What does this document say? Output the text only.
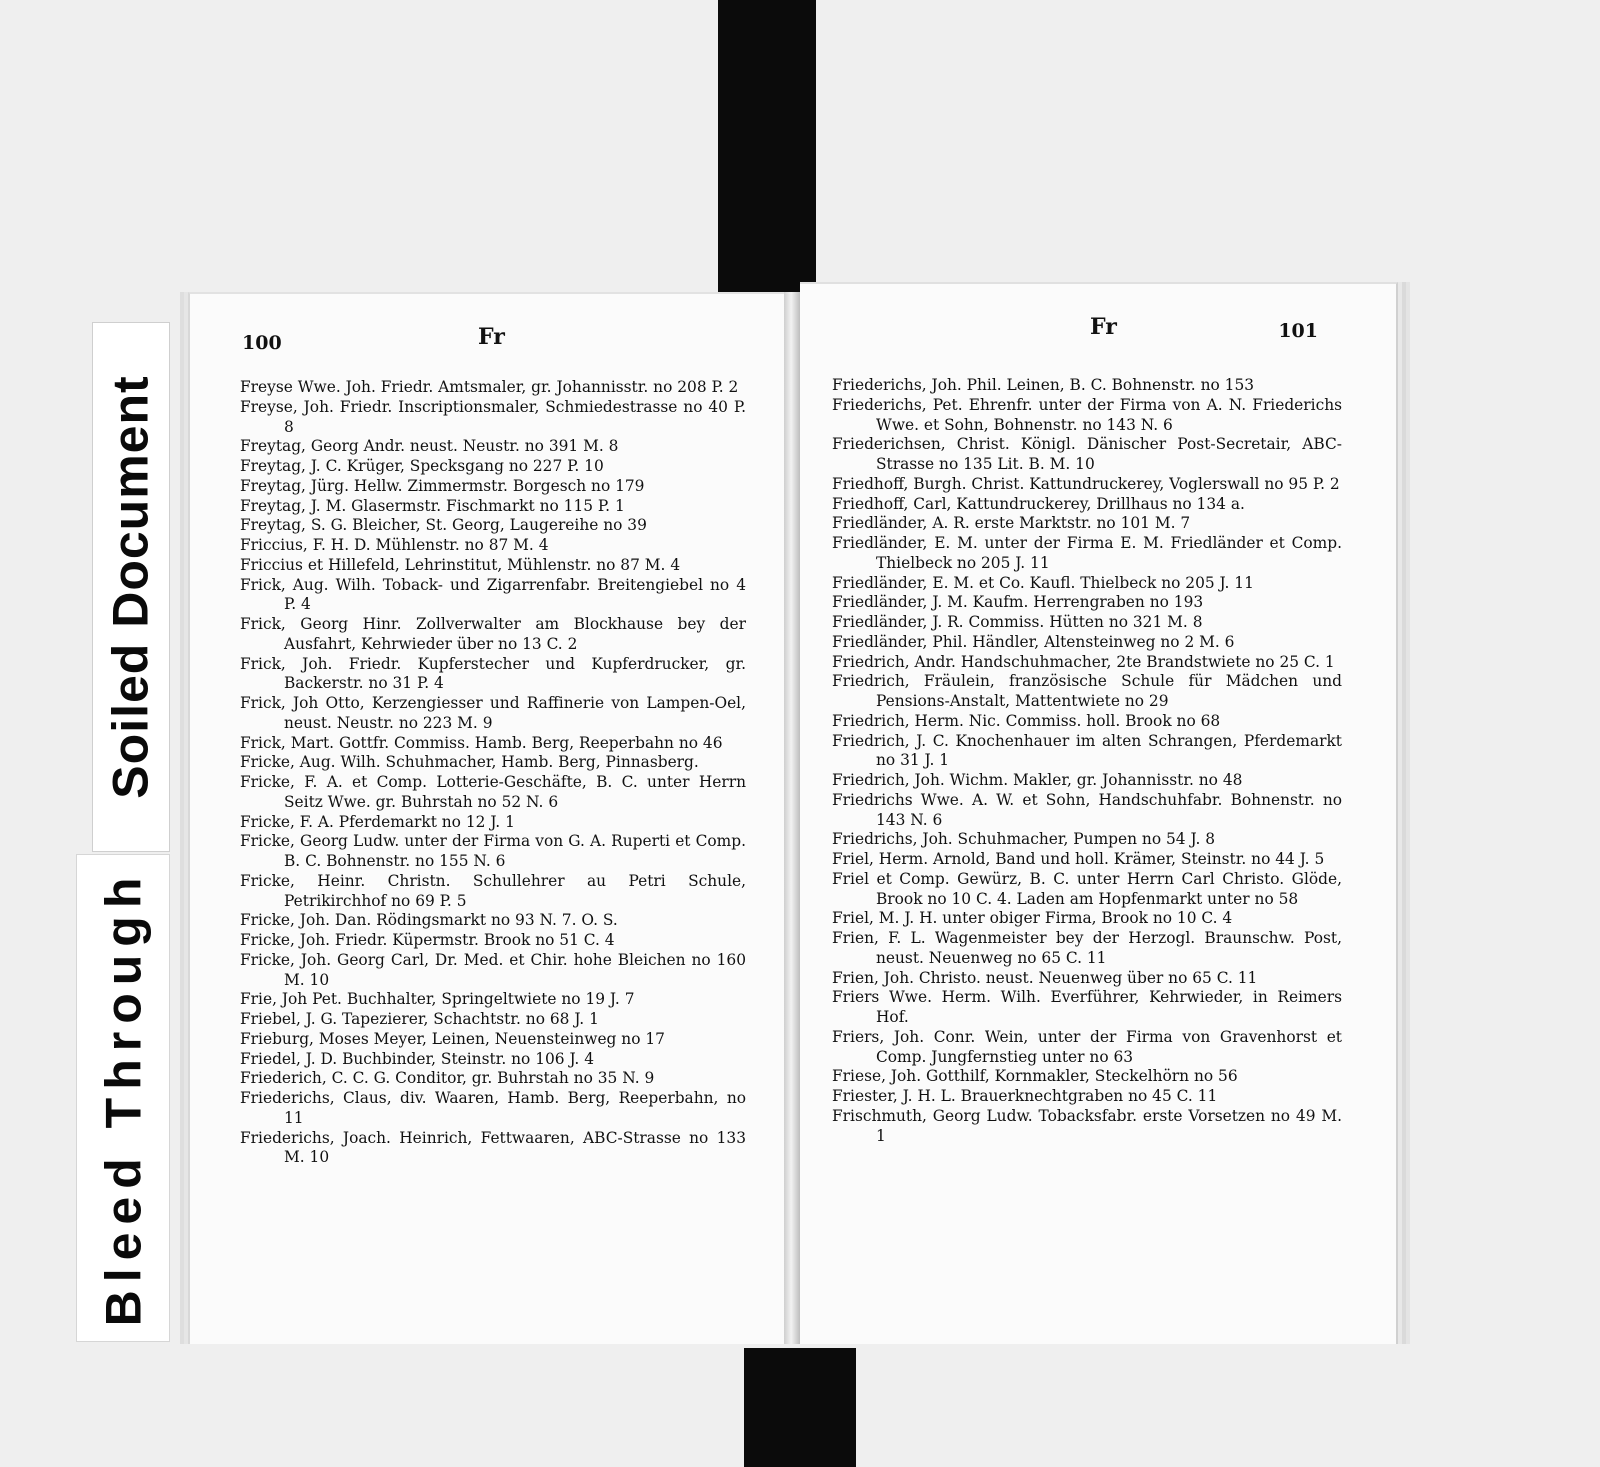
Soiled Document
Bleed Through
100	Fr
Freyse Wwe. Joh. Friedr. Amtsmaler, gr. Johannisstr. no 208 P. 2
Freyse, Joh. Friedr. Inscriptionsmaler, Schmiedestrasse no 40 P. 8
Freytag, Georg Andr. neust. Neustr. no 391 M. 8
Freytag, J. C. Krüger, Specksgang no 227 P. 10
Freytag, Jürg. Hellw. Zimmermstr. Borgesch no 179
Freytag, J. M. Glasermstr. Fischmarkt no 115 P. 1
Freytag, S. G. Bleicher, St. Georg, Laugereihe no 39
Friccius, F. H. D. Mühlenstr. no 87 M. 4
Friccius et Hillefeld, Lehrinstitut, Mühlenstr. no 87 M. 4
Frick, Aug. Wilh. Toback- und Zigarrenfabr. Breitengiebel no 4 P. 4
Frick, Georg Hinr. Zollverwalter am Blockhause bey der Ausfahrt, Kehrwieder über no 13 C. 2
Frick, Joh. Friedr. Kupferstecher und Kupferdrucker, gr. Backerstr. no 31 P. 4
Frick, Joh Otto, Kerzengiesser und Raffinerie von Lampen-Oel, neust. Neustr. no 223 M. 9
Frick, Mart. Gottfr. Commiss. Hamb. Berg, Reeperbahn no 46
Fricke, Aug. Wilh. Schuhmacher, Hamb. Berg, Pinnasberg.
Fricke, F. A. et Comp. Lotterie-Geschäfte, B. C. unter Herrn Seitz Wwe. gr. Buhrstah no 52 N. 6
Fricke, F. A. Pferdemarkt no 12 J. 1
Fricke, Georg Ludw. unter der Firma von G. A. Ruperti et Comp. B. C. Bohnenstr. no 155 N. 6
Fricke, Heinr. Christn. Schullehrer au Petri Schule, Petrikirchhof no 69 P. 5
Fricke, Joh. Dan. Rödingsmarkt no 93 N. 7. O. S.
Fricke, Joh. Friedr. Küpermstr. Brook no 51 C. 4
Fricke, Joh. Georg Carl, Dr. Med. et Chir. hohe Bleichen no 160 M. 10
Frie, Joh Pet. Buchhalter, Springeltwiete no 19 J. 7
Friebel, J. G. Tapezierer, Schachtstr. no 68 J. 1
Frieburg, Moses Meyer, Leinen, Neuensteinweg no 17
Friedel, J. D. Buchbinder, Steinstr. no 106 J. 4
Friederich, C. C. G. Conditor, gr. Buhrstah no 35 N. 9
Friederichs, Claus, div. Waaren, Hamb. Berg, Reeperbahn, no 11
Friederichs, Joach. Heinrich, Fettwaaren, ABC-Strasse no 133 M. 10
101
Fr
Friederichs, Joh. Phil. Leinen, B. C. Bohnenstr. no 153
Friederichs, Pet. Ehrenfr. unter der Firma von A. N. Friederichs Wwe. et Sohn, Bohnenstr. no 143 N. 6
Friederichsen, Christ. Königl. Dänischer Post-Secretair, ABC-Strasse no 135 Lit. B. M. 10
Friedhoff, Burgh. Christ. Kattundruckerey, Voglerswall no 95 P. 2
Friedhoff, Carl, Kattundruckerey, Drillhaus no 134 a.
Friedländer, A. R. erste Marktstr. no 101 M. 7
Friedländer, E. M. unter der Firma E. M. Friedländer et Comp. Thielbeck no 205 J. 11
Friedländer, E. M. et Co. Kaufl. Thielbeck no 205 J. 11
Friedländer, J. M. Kaufm. Herrengraben no 193
Friedländer, J. R. Commiss. Hütten no 321 M. 8
Friedländer, Phil. Händler, Altensteinweg no 2 M. 6
Friedrich, Andr. Handschuhmacher, 2te Brandstwiete no 25 C. 1
Friedrich, Fräulein, französische Schule für Mädchen und Pensions-Anstalt, Mattentwiete no 29
Friedrich, Herm. Nic. Commiss. holl. Brook no 68
Friedrich, J. C. Knochenhauer im alten Schrangen, Pferdemarkt no 31 J. 1
Friedrich, Joh. Wichm. Makler, gr. Johannisstr. no 48
Friedrichs Wwe. A. W. et Sohn, Handschuhfabr. Bohnenstr. no 143 N. 6
Friedrichs, Joh. Schuhmacher, Pumpen no 54 J. 8
Friel, Herm. Arnold, Band und holl. Krämer, Steinstr. no 44 J. 5
Friel et Comp. Gewürz, B. C. unter Herrn Carl Christo. Glöde, Brook no 10 C. 4. Laden am Hopfenmarkt unter no 58
Friel, M. J. H. unter obiger Firma, Brook no 10 C. 4
Frien, F. L. Wagenmeister bey der Herzogl. Braunschw. Post, neust. Neuenweg no 65 C. 11
Frien, Joh. Christo. neust. Neuenweg über no 65 C. 11
Friers Wwe. Herm. Wilh. Everführer, Kehrwieder, in Reimers Hof.
Friers, Joh. Conr. Wein, unter der Firma von Gravenhorst et Comp. Jungfernstieg unter no 63
Friese, Joh. Gotthilf, Kornmakler, Steckelhörn no 56
Friester, J. H. L. Brauerknechtgraben no 45 C. 11
Frischmuth, Georg Ludw. Tobacksfabr. erste Vorsetzen no 49 M. 1
